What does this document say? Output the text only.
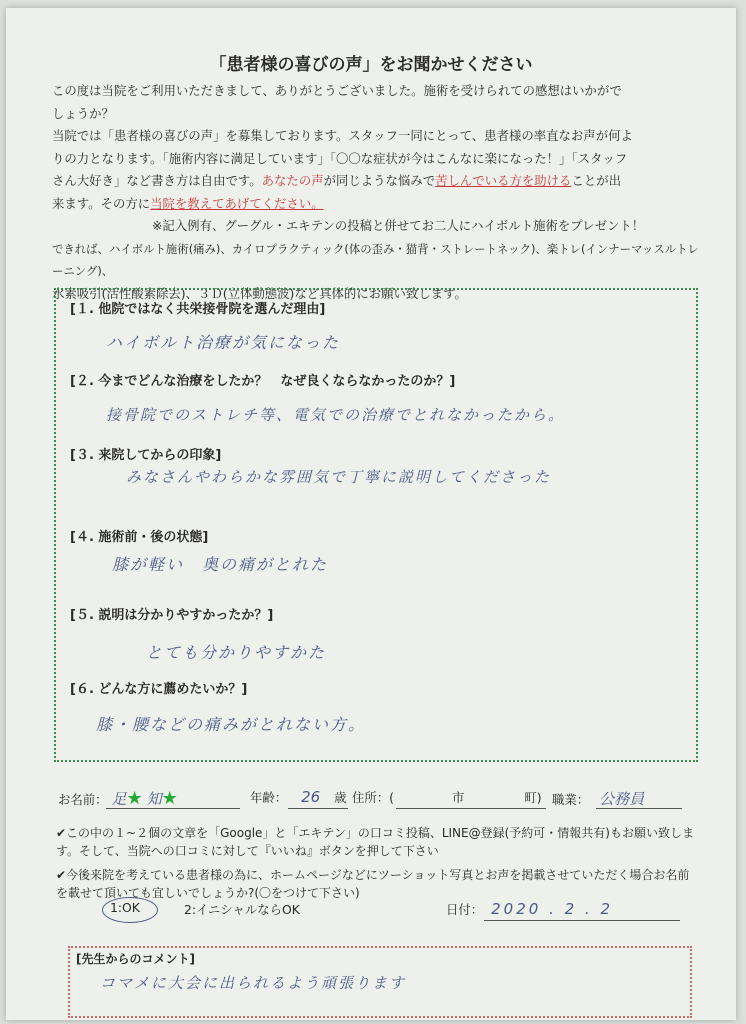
「患者様の喜びの声」をお聞かせください

この度は当院をご利用いただきまして、ありがとうございました。施術を受けられての感想はいかがで

しょうか？

当院では「患者様の喜びの声」を募集しております。スタッフ一同にとって、患者様の率直なお声が何よ

りの力となります。「施術内容に満足しています」「〇〇な症状が今はこんなに楽になった！」「スタッフ

さん大好き」など書き方は自由です。あなたの声が同じような悩みで苦しんでいる方を助けることが出

来ます。その方に当院を教えてあげてください。

※記入例有、グーグル・エキテンの投稿と併せてお二人にハイボルト施術をプレゼント！

できれば、ハイボルト施術(痛み)、カイロプラクティック(体の歪み・猫背・ストレートネック)、楽トレ(インナーマッスルトレーニング)、

水素吸引(活性酸素除去)、３Ｄ(立体動態波)など具体的にお願い致します。

[１. 他院ではなく共栄接骨院を選んだ理由]
ハイボルト治療が気になった
[２. 今までどんな治療をしたか？　なぜ良くならなかったのか？]
接骨院でのストレチ等、電気での治療でとれなかったから。
[３. 来院してからの印象]
みなさんやわらかな雰囲気で丁寧に説明してくださった
[４. 施術前・後の状態]
膝が軽い　奥の痛がとれた
[５. 説明は分かりやすかったか？]
とても分かりやすかた
[６. どんな方に薦めたいか？]
膝・腰などの痛みがとれない方。
お名前： 足★ 知★	年齢： 26 歳 住所：(	市	町) 職業： 公務員

✔この中の１~２個の文章を「Google」と「エキテン」の口コミ投稿、LINE@登録(予約可・情報共有)もお願い致します。そして、当院への口コミに対して『いいね』ボタンを押して下さい

✔今後来院を考えている患者様の為に、ホームページなどにツーショット写真とお声を掲載させていただく場合お名前を載せて頂いても宜しいでしょうか?(〇をつけて下さい)

1:OK	2:イニシャルならOK	日付： 2020 . 2 . 2
[先生からのコメント]
コマメに大会に出られるよう頑張ります
